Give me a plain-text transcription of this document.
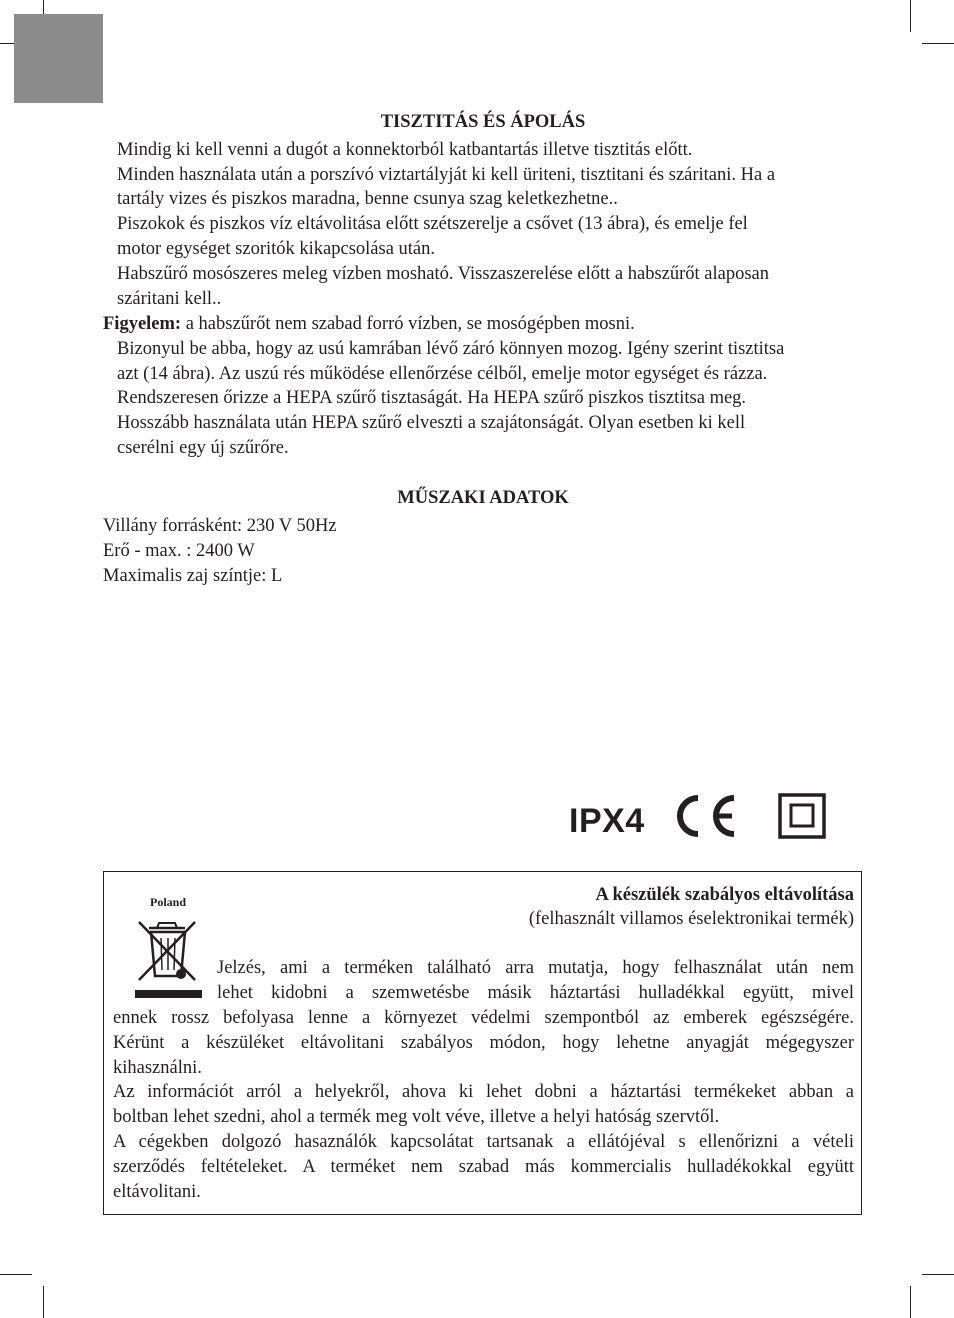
TISZTITÁS ÉS ÁPOLÁS
Mindig ki kell venni a dugót a konnektorból katbantartás illetve tisztitás előtt.
Minden használata után a porszívó viztartályját ki kell üriteni, tisztitani és száritani. Ha a
tartály vizes és piszkos maradna, benne csunya szag keletkezhetne..
Piszokok és piszkos víz eltávolitása előtt szétszerelje a csővet (13 ábra), és emelje fel
motor egységet szoritók kikapcsolása után.
Habszűrő mosószeres meleg vízben mosható. Visszaszerelése előtt a habszűrőt alaposan
száritani kell..
Figyelem: a habszűrőt nem szabad forró vízben, se mosógépben mosni.
Bizonyul be abba, hogy az usú kamrában lévő záró könnyen mozog. Igény szerint tisztitsa
azt (14 ábra). Az uszú rés működése ellenőrzése célből, emelje motor egységet és rázza.
Rendszeresen őrizze a HEPA szűrő tisztaságát. Ha HEPA szűrő piszkos tisztitsa meg.
Hosszább használata után HEPA szűrő elveszti a szajátonságát. Olyan esetben ki kell
cserélni egy új szűrőre.
MŰSZAKI ADATOK
Villány forrásként: 230 V 50Hz
Erő - max. : 2400 W
Maximalis zaj színtje: L
IPX4
Poland	A készülék szabályos eltávolítása
(felhasznált villamos éselektronikai termék)
Jelzés, ami a terméken található arra mutatja, hogy felhasználat után nem
lehet kidobni a szemwetésbe másik háztartási hulladékkal együtt, mivel
ennek rossz befolyasa lenne a környezet védelmi szempontból az emberek egészségére.
Kérünt a készüléket eltávolitani szabályos módon, hogy lehetne anyagját mégegyszer
kihasználni.
Az információt arról a helyekről, ahova ki lehet dobni a háztartási termékeket abban a
boltban lehet szedni, ahol a termék meg volt véve, illetve a helyi hatóság szervtől.
A cégekben dolgozó hasaználók kapcsolátat tartsanak a ellátójéval s ellenőrizni a vételi
szerződés feltételeket. A terméket nem szabad más kommercialis hulladékokkal együtt
eltávolitani.
